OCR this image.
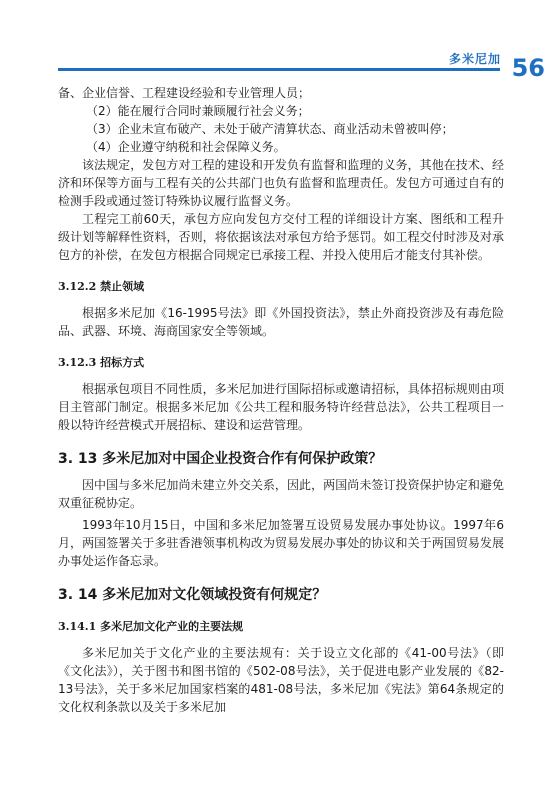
多米尼加 56

备、企业信誉、工程建设经验和专业管理人员；

（2）能在履行合同时兼顾履行社会义务；

（3）企业未宣布破产、未处于破产清算状态、商业活动未曾被叫停；

（4）企业遵守纳税和社会保障义务。

该法规定，发包方对工程的建设和开发负有监督和监理的义务，其他在技术、经济和环保等方面与工程有关的公共部门也负有监督和监理责任。发包方可通过自有的检测手段或通过签订特殊协议履行监督义务。

工程完工前60天，承包方应向发包方交付工程的详细设计方案、图纸和工程升级计划等解释性资料，否则，将依据该法对承包方给予惩罚。如工程交付时涉及对承包方的补偿，在发包方根据合同规定已承接工程、并投入使用后才能支付其补偿。

3.12.2 禁止领域

根据多米尼加《16-1995号法》即《外国投资法》，禁止外商投资涉及有毒危险品、武器、环境、海商国家安全等领域。

3.12.3 招标方式

根据承包项目不同性质，多米尼加进行国际招标或邀请招标，具体招标规则由项目主管部门制定。根据多米尼加《公共工程和服务特许经营总法》，公共工程项目一般以特许经营模式开展招标、建设和运营管理。

3. 13 多米尼加对中国企业投资合作有何保护政策？

因中国与多米尼加尚未建立外交关系，因此，两国尚未签订投资保护协定和避免双重征税协定。

1993年10月15日，中国和多米尼加签署互设贸易发展办事处协议。1997年6月，两国签署关于多驻香港领事机构改为贸易发展办事处的协议和关于两国贸易发展办事处运作备忘录。

3. 14 多米尼加对文化领域投资有何规定？
3.14.1 多米尼加文化产业的主要法规

多米尼加关于文化产业的主要法规有：关于设立文化部的《41-00号法》（即《文化法》），关于图书和图书馆的《502-08号法》，关于促进电影产业发展的《82-13号法》，关于多米尼加国家档案的481-08号法，多米尼加《宪法》第64条规定的文化权利条款以及关于多米尼加
